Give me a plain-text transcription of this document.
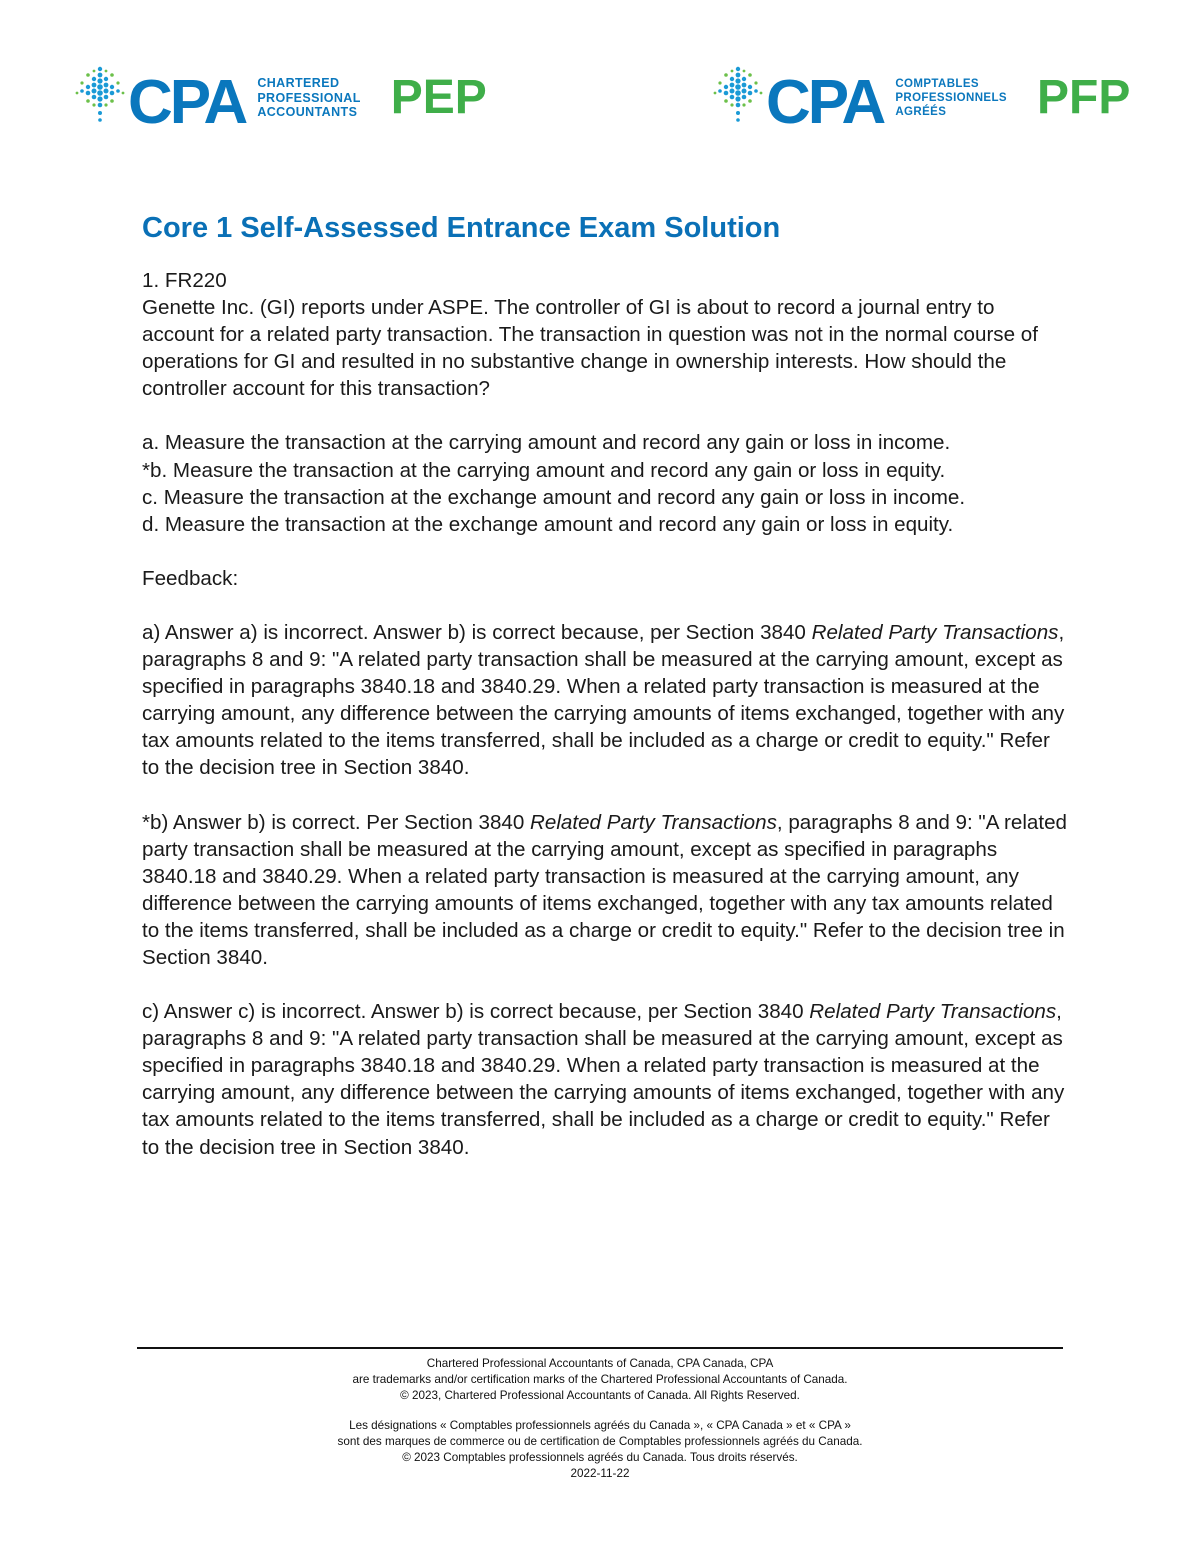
CPA CHARTERED
PROFESSIONAL
ACCOUNTANTS PEP	CPA COMPTABLES
PROFESSIONNELS
AGRÉÉS	PFP
Core 1 Self-Assessed Entrance Exam Solution

1. FR220

Genette Inc. (GI) reports under ASPE. The controller of GI is about to record a journal entry to account for a related party transaction. The transaction in question was not in the normal course of operations for GI and resulted in no substantive change in ownership interests. How should the controller account for this transaction?

a. Measure the transaction at the carrying amount and record any gain or loss in income.

*b. Measure the transaction at the carrying amount and record any gain or loss in equity.

c. Measure the transaction at the exchange amount and record any gain or loss in income.

d. Measure the transaction at the exchange amount and record any gain or loss in equity.

Feedback:

a) Answer a) is incorrect. Answer b) is correct because, per Section 3840 Related Party Transactions, paragraphs 8 and 9: "A related party transaction shall be measured at the carrying amount, except as specified in paragraphs 3840.18 and 3840.29. When a related party transaction is measured at the carrying amount, any difference between the carrying amounts of items exchanged, together with any tax amounts related to the items transferred, shall be included as a charge or credit to equity." Refer to the decision tree in Section 3840.

*b) Answer b) is correct. Per Section 3840 Related Party Transactions, paragraphs 8 and 9: "A related party transaction shall be measured at the carrying amount, except as specified in paragraphs 3840.18 and 3840.29. When a related party transaction is measured at the carrying amount, any difference between the carrying amounts of items exchanged, together with any tax amounts related to the items transferred, shall be included as a charge or credit to equity." Refer to the decision tree in Section 3840.

c) Answer c) is incorrect. Answer b) is correct because, per Section 3840 Related Party Transactions, paragraphs 8 and 9: "A related party transaction shall be measured at the carrying amount, except as specified in paragraphs 3840.18 and 3840.29. When a related party transaction is measured at the carrying amount, any difference between the carrying amounts of items exchanged, together with any tax amounts related to the items transferred, shall be included as a charge or credit to equity." Refer to the decision tree in Section 3840.

Chartered Professional Accountants of Canada, CPA Canada, CPA
are trademarks and/or certification marks of the Chartered Professional Accountants of Canada.
© 2023, Chartered Professional Accountants of Canada. All Rights Reserved.
Les désignations « Comptables professionnels agréés du Canada », « CPA Canada » et « CPA »
sont des marques de commerce ou de certification de Comptables professionnels agréés du Canada.
© 2023 Comptables professionnels agréés du Canada. Tous droits réservés.
2022-11-22
